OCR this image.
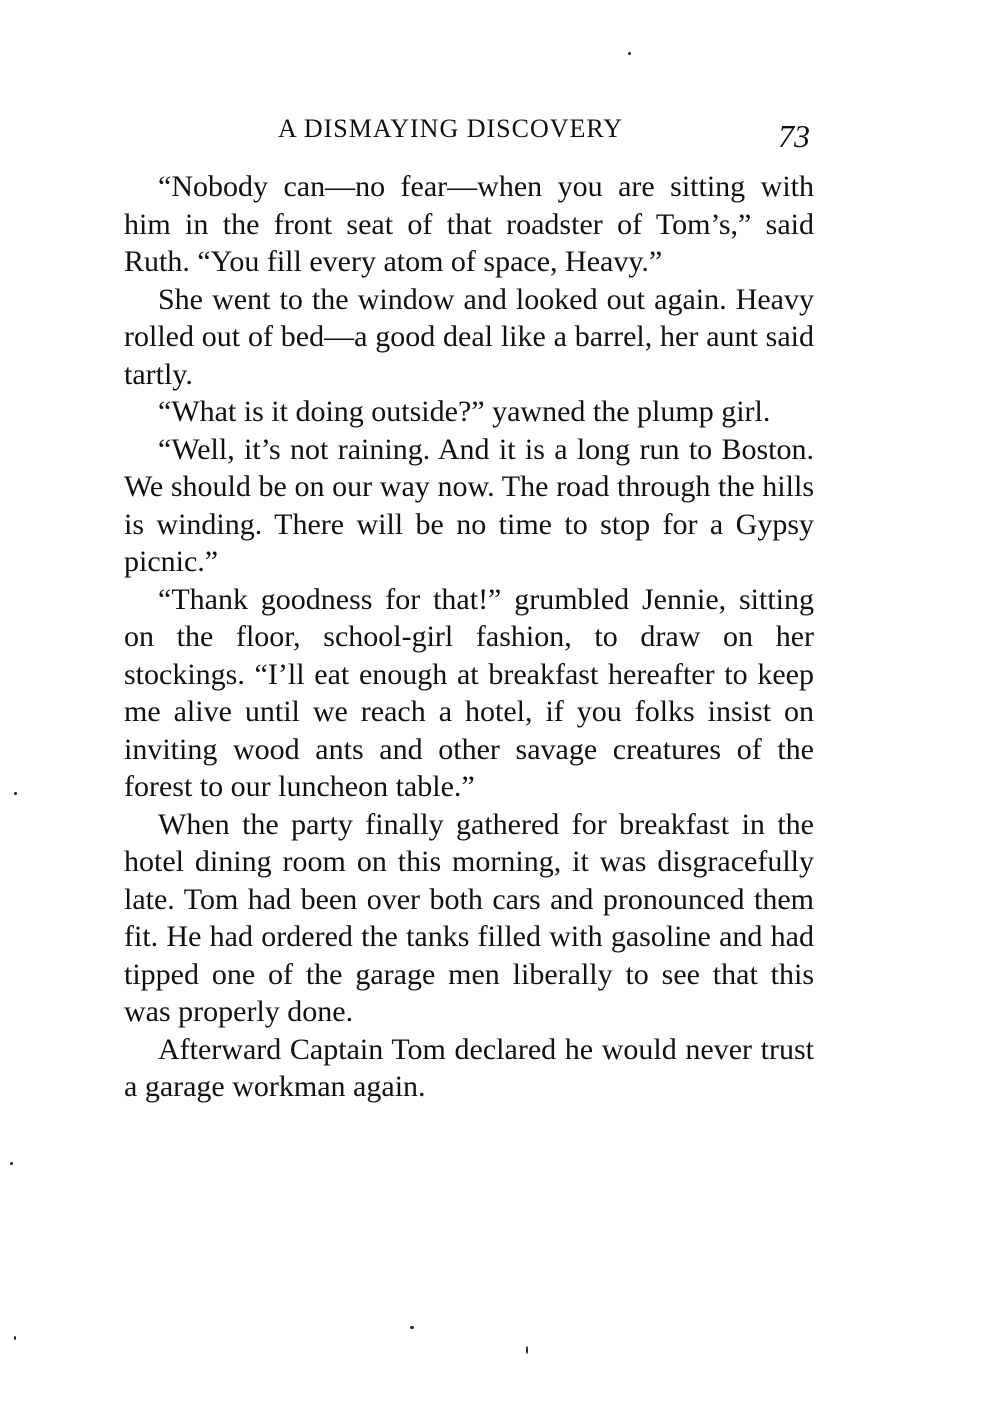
A DISMAYING DISCOVERY	73

“Nobody can—no fear—when you are sitting with him in the front seat of that roadster of Tom’s,” said Ruth. “You fill every atom of space, Heavy.”

She went to the window and looked out again. Heavy rolled out of bed—a good deal like a barrel, her aunt said tartly.

“What is it doing outside?” yawned the plump girl.

“Well, it’s not raining. And it is a long run to Boston. We should be on our way now. The road through the hills is winding. There will be no time to stop for a Gypsy picnic.”

“Thank goodness for that!” grumbled Jennie, sitting on the floor, school-girl fashion, to draw on her stockings. “I’ll eat enough at breakfast hereafter to keep me alive until we reach a hotel, if you folks insist on inviting wood ants and other savage creatures of the forest to our luncheon table.”

When the party finally gathered for breakfast in the hotel dining room on this morning, it was disgracefully late. Tom had been over both cars and pronounced them fit. He had ordered the tanks filled with gasoline and had tipped one of the garage men liberally to see that this was properly done.

Afterward Captain Tom declared he would never trust a garage workman again.
